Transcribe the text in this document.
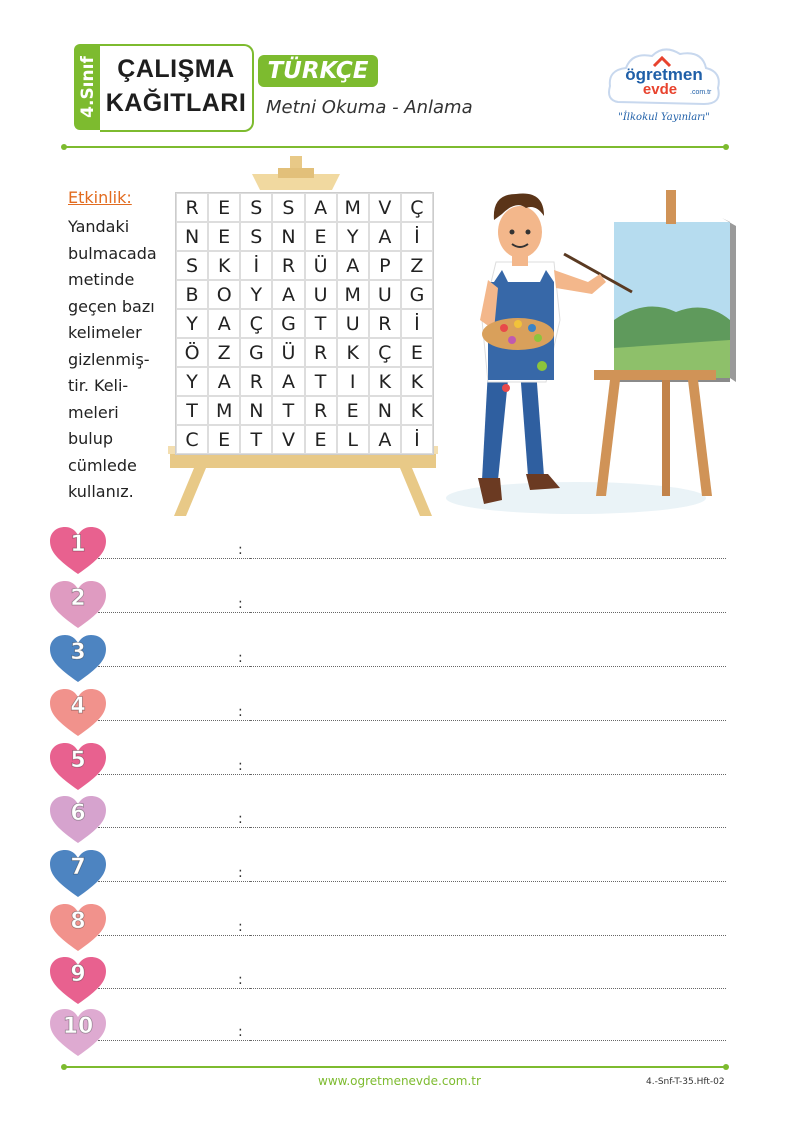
4.Sınıf ÇALIŞMA
KAĞITLARI
TÜRKÇE
Metni Okuma - Anlama
ögretmen
evde .com.tr
"İlkokul Yayınları"
Etkinlik:
Yandaki bulmacada metinde geçen bazı kelimeler gizlenmiş-tir. Keli-meleri bulup cümlede kullanız.
R	E	S	S	A M V Ç
N	E	S N	E	Y	A	İ
S	K	İ	R Ü A	P	Z
B O Y	A U M U G
Y	A Ç G T	U R	İ
Ö Z G Ü R	K	Ç	E
Y	A	R	A	T	I	K	K
T M N	T	R	E	N K
C	E	T	V	E	L	A	İ
1	:
2	:
3	:
4	:
5	:
6	:
7	:
8	:
9	:
10	:
www.ogretmenevde.com.tr	4.-Snf-T-35.Hft-02
